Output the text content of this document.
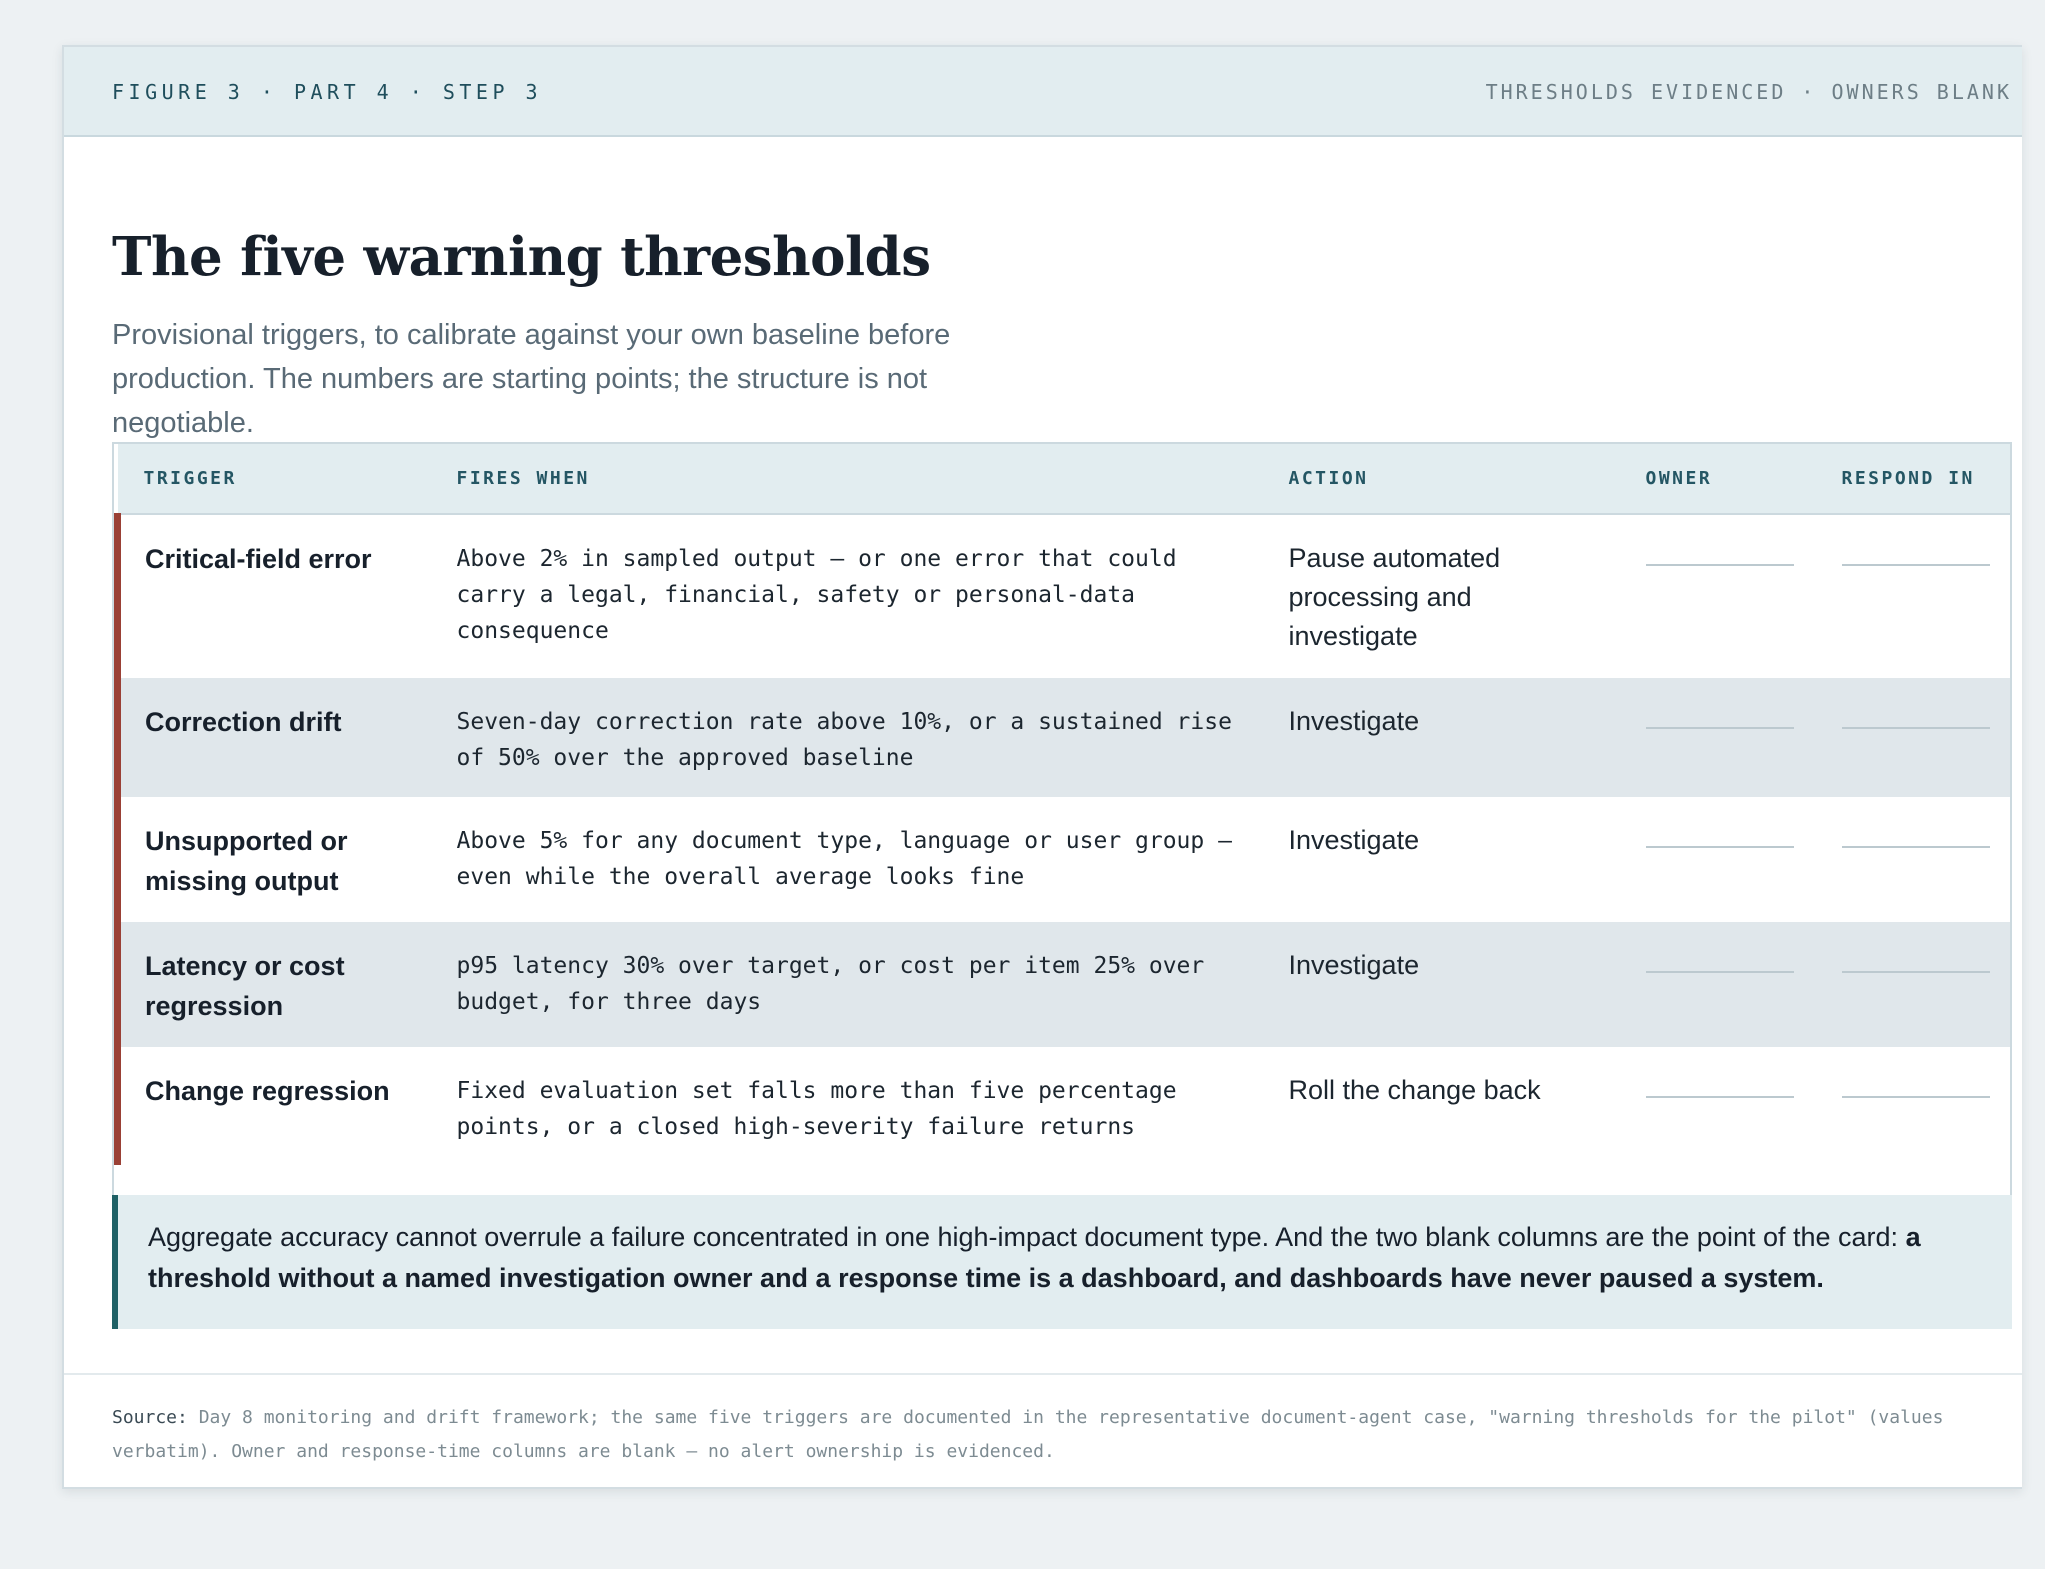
FIGURE 3 · PART 4 · STEP 3	THRESHOLDS EVIDENCED · OWNERS BLANK
The five warning thresholds

Provisional triggers, to calibrate against your own baseline before production. The numbers are starting points; the structure is not negotiable.

TRIGGER	FIRES WHEN	ACTION	OWNER	RESPOND IN
Critical-field error	Above 2% in sampled output — or one error that could carry a legal, financial, safety or personal-data consequence	Pause automated processing and investigate	

Correction drift	Seven-day correction rate above 10%, or a sustained rise of 50% over the approved baseline	Investigate	

Unsupported or missing output	Above 5% for any document type, language or user group — even while the overall average looks fine	Investigate	

Latency or cost regression	p95 latency 30% over target, or cost per item 25% over budget, for three days	Investigate	

Change regression	Fixed evaluation set falls more than five percentage points, or a closed high-severity failure returns	Roll the change back	

Aggregate accuracy cannot overrule a failure concentrated in one high-impact document type. And the two blank columns are the point of the card: a threshold without a named investigation owner and a response time is a dashboard, and dashboards have never paused a system.

Source: Day 8 monitoring and drift framework; the same five triggers are documented in the representative document-agent case, "warning thresholds for the pilot" (values verbatim). Owner and response-time columns are blank — no alert ownership is evidenced.
